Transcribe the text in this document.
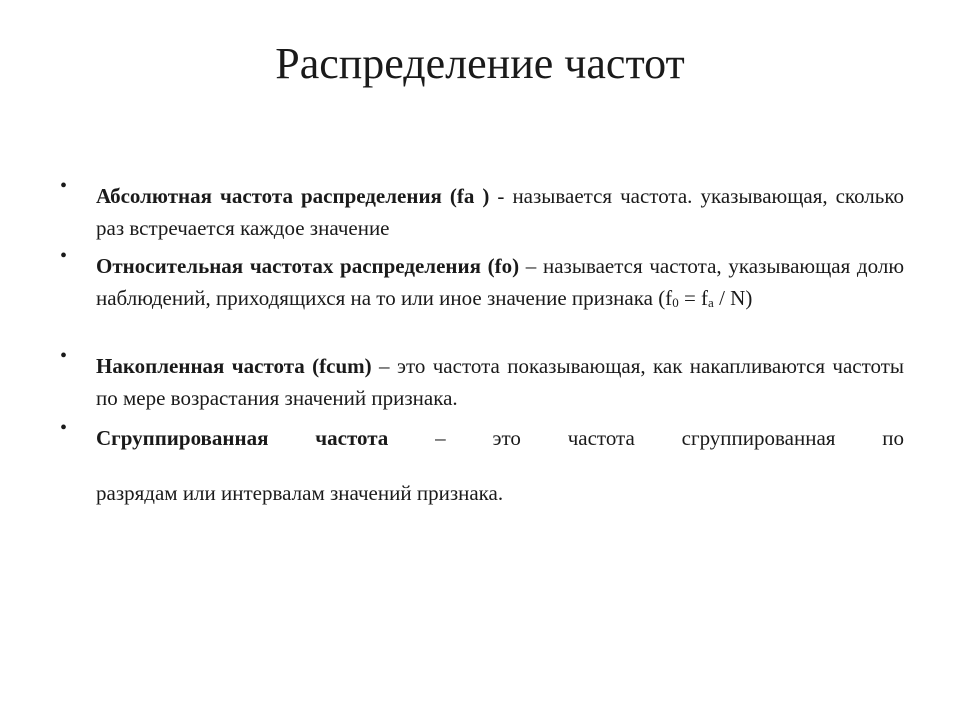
Распределение частот
• Абсолютная частота распределения (fa ) - называется частота. указывающая, сколько раз встречается каждое значение
• Относительная частотах распределения (fo) – называется частота, указывающая долю наблюдений, приходящихся на то или иное значение признака $(f_0 = f_a / N)$
• Накопленная частота (fcum) – это частота показывающая, как накапливаются частоты по мере возрастания значений признака.
• Сгруппированная частота – это частота сгруппированная по
разрядам или интервалам значений признака.
